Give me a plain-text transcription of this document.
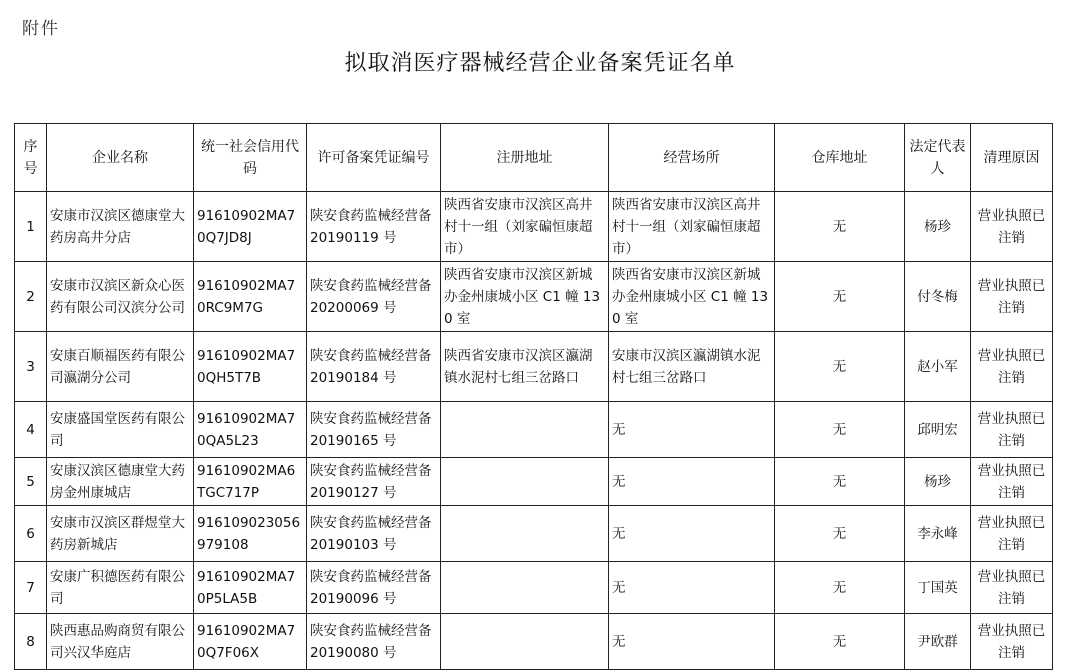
附件
拟取消医疗器械经营企业备案凭证名单
序号	企业名称	统一社会信用代码	许可备案凭证编号	注册地址	经营场所	仓库地址	法定代表人	清理原因
1	安康市汉滨区德康堂大药房高井分店	91610902MA70Q7JD8J	陕安食药监械经营备 20190119 号	陕西省安康市汉滨区高井村十一组（刘家碥恒康超市）	陕西省安康市汉滨区高井村十一组（刘家碥恒康超市）	无	杨珍	营业执照已注销
2	安康市汉滨区新众心医药有限公司汉滨分公司	91610902MA70RC9M7G	陕安食药监械经营备 20200069 号	陕西省安康市汉滨区新城办金州康城小区 C1 幢 130 室	陕西省安康市汉滨区新城办金州康城小区 C1 幢 130 室	无	付冬梅	营业执照已注销
3	安康百顺福医药有限公司瀛湖分公司	91610902MA70QH5T7B	陕安食药监械经营备 20190184 号	陕西省安康市汉滨区瀛湖镇水泥村七组三岔路口	安康市汉滨区瀛湖镇水泥村七组三岔路口	无	赵小军	营业执照已注销
4	安康盛国堂医药有限公司	91610902MA70QA5L23	陕安食药监械经营备 20190165 号		无	无	邱明宏	营业执照已注销
5	安康汉滨区德康堂大药房金州康城店	91610902MA6TGC717P	陕安食药监械经营备 20190127 号		无	无	杨珍	营业执照已注销
6	安康市汉滨区群煜堂大药房新城店	916109023056979108	陕安食药监械经营备 20190103 号		无	无	李永峰	营业执照已注销
7	安康广积德医药有限公司	91610902MA70P5LA5B	陕安食药监械经营备 20190096 号		无	无	丁国英	营业执照已注销
8	陕西惠品购商贸有限公司兴汉华庭店	91610902MA70Q7F06X	陕安食药监械经营备 20190080 号		无	无	尹欧群	营业执照已注销
